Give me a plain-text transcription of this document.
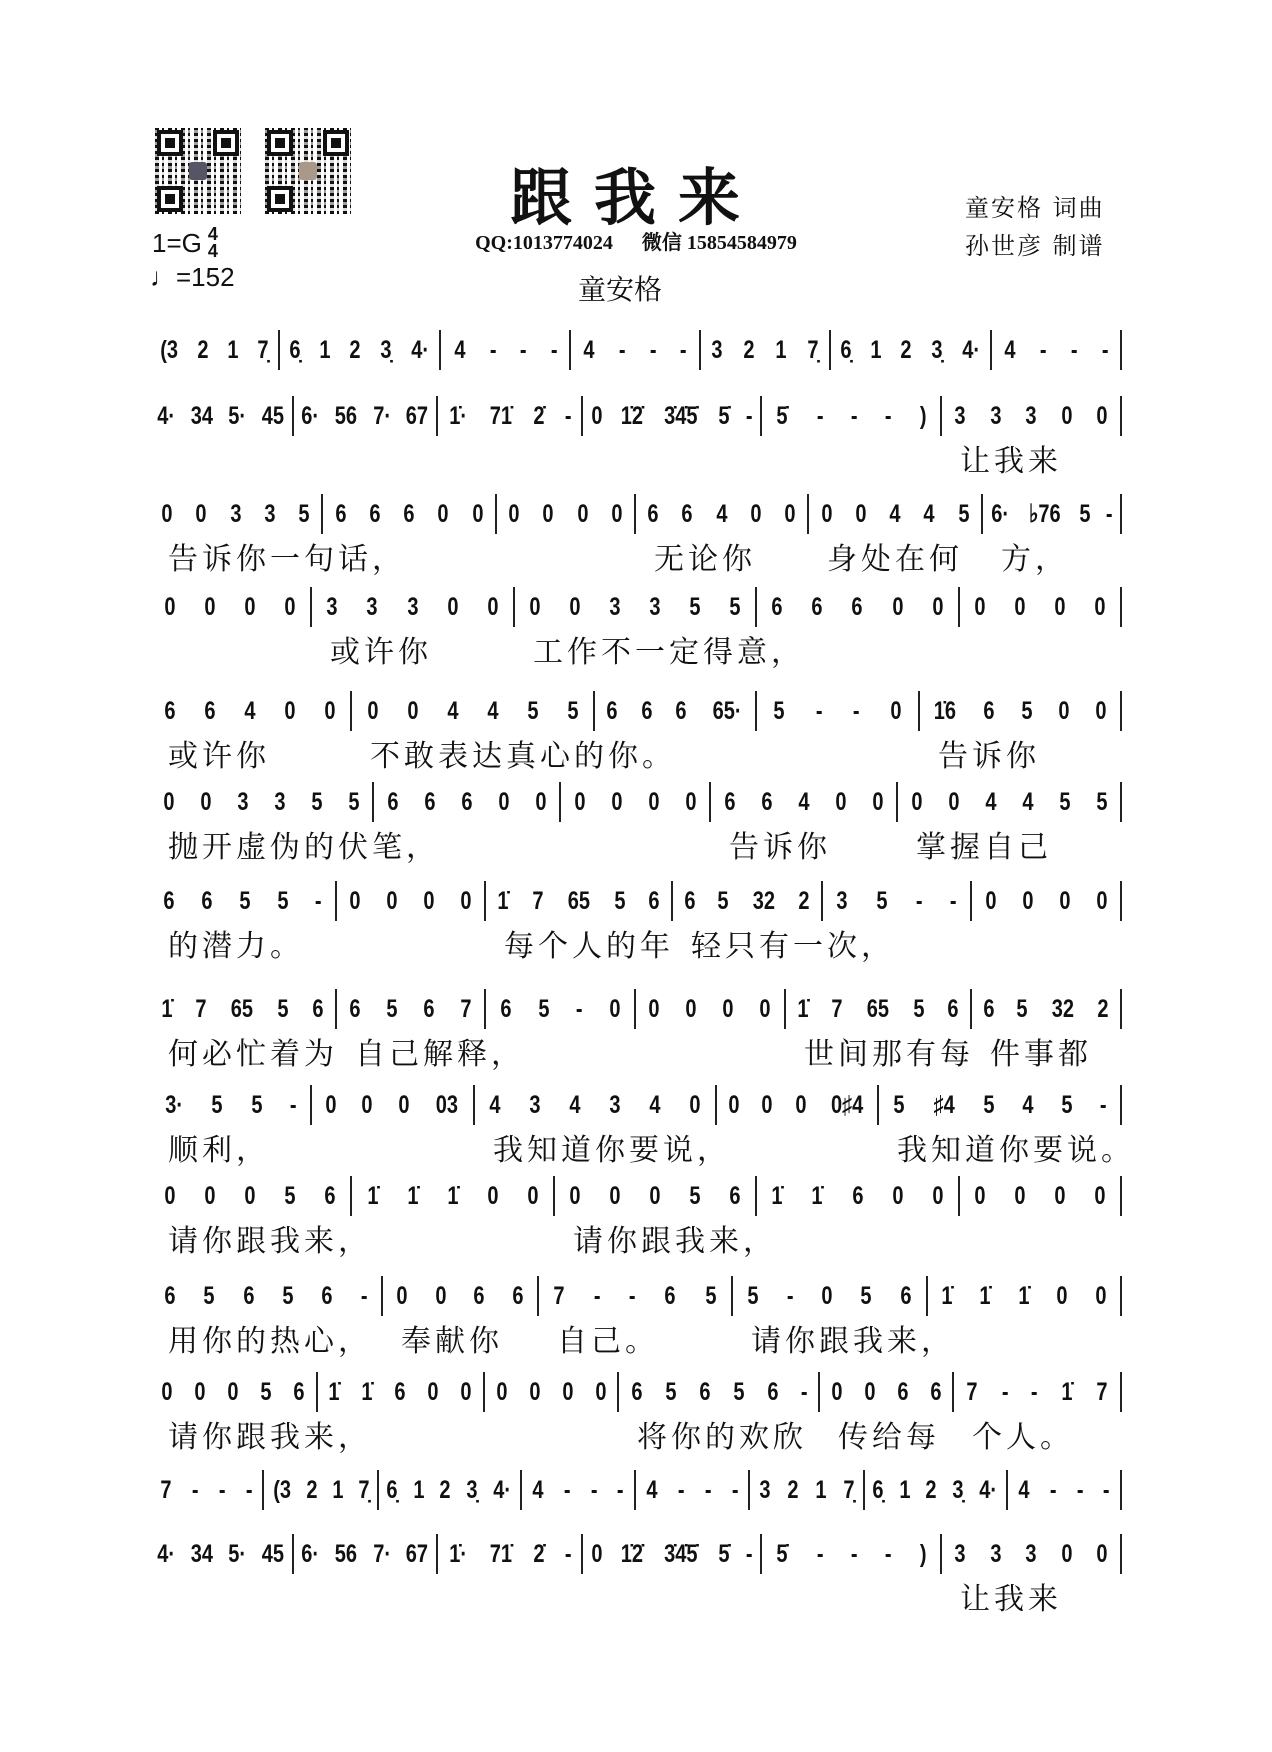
跟我来
QQ:1013774024 微信 15854584979
童安格
童安格 词曲
孙世彦 制谱
1=G 4
4
♩=152
(3 2 1 7̣ 6̣ 1 2 3̣ 4· 4 - - - 4 - - - 3 2 1 7̣ 6̣ 1 2 3̣ 4· 4 - - -
4· 34 5· 45 6· 56 7· 67 1̇· 71̇ 2̇ - 0 1̇2̇ 3̇4̇5̇ 5̇ - 5̇ - - - ) 3 3 3 0 0
让我来
0 0 3 3 5 6 6 6 0 0 0 0 0 0 6 6 4 0 0 0 0 4 4 5 6· ♭76 5 -
告诉你一句话，	无论你 身处在何 方，
0 0 0 0 3 3 3 0 0 0 0 3 3 5 5 6 6 6 0 0 0 0 0 0
或许你	工作不一定得意，
6 6 4 0 0 0 0 4 4 5 5 6 6 6 65· 5 - - 0 1̇6 6 5 0 0
或许你	不敢表达真心的你。	告诉你
0 0 3 3 5 5 6 6 6 0 0 0 0 0 0 6 6 4 0 0 0 0 4 4 5 5
抛开虚伪的伏笔，	告诉你	掌握自己
6 6 5 5 - 0 0 0 0 1̇ 7 65 5 6 6 5 32 2 3 5 - - 0 0 0 0
的潜力。	每个人的年 轻只有一次，
1̇ 7 65 5 6 6 5 6 7 6 5 - 0 0 0 0 0 1̇ 7 65 5 6 6 5 32 2
何必忙着为 自己解释，	世间那有每 件事都
3· 5 5 - 0 0 0 03 4 3 4 3 4 0 0 0 0 0♯4 5 ♯4 5 4 5 -
顺利，	我知道你要说，	我知道你要说。
0 0 0 5 6 1̇ 1̇ 1̇ 0 0 0 0 0 5 6 1̇ 1̇ 6 0 0 0 0 0 0
请你跟我来，	请你跟我来，
6 5 6 5 6 - 0 0 6 6 7 - - 6 5 5 - 0 5 6 1̇ 1̇ 1̇ 0 0
用你的热心， 奉献你 自己。	请你跟我来，
0 0 0 5 6 1̇ 1̇ 6 0 0 0 0 0 0 6 5 6 5 6 - 0 0 6 6 7 - - 1̇ 7
请你跟我来，	将你的欢欣 传给每 个人。
7 - - - (3 2 1 7̣ 6̣ 1 2 3̣ 4· 4 - - - 4 - - - 3 2 1 7̣ 6̣ 1 2 3̣ 4· 4 - - -
4· 34 5· 45 6· 56 7· 67 1̇· 71̇ 2̇ - 0 1̇2̇ 3̇4̇5̇ 5̇ - 5̇ - - - ) 3 3 3 0 0
让我来
